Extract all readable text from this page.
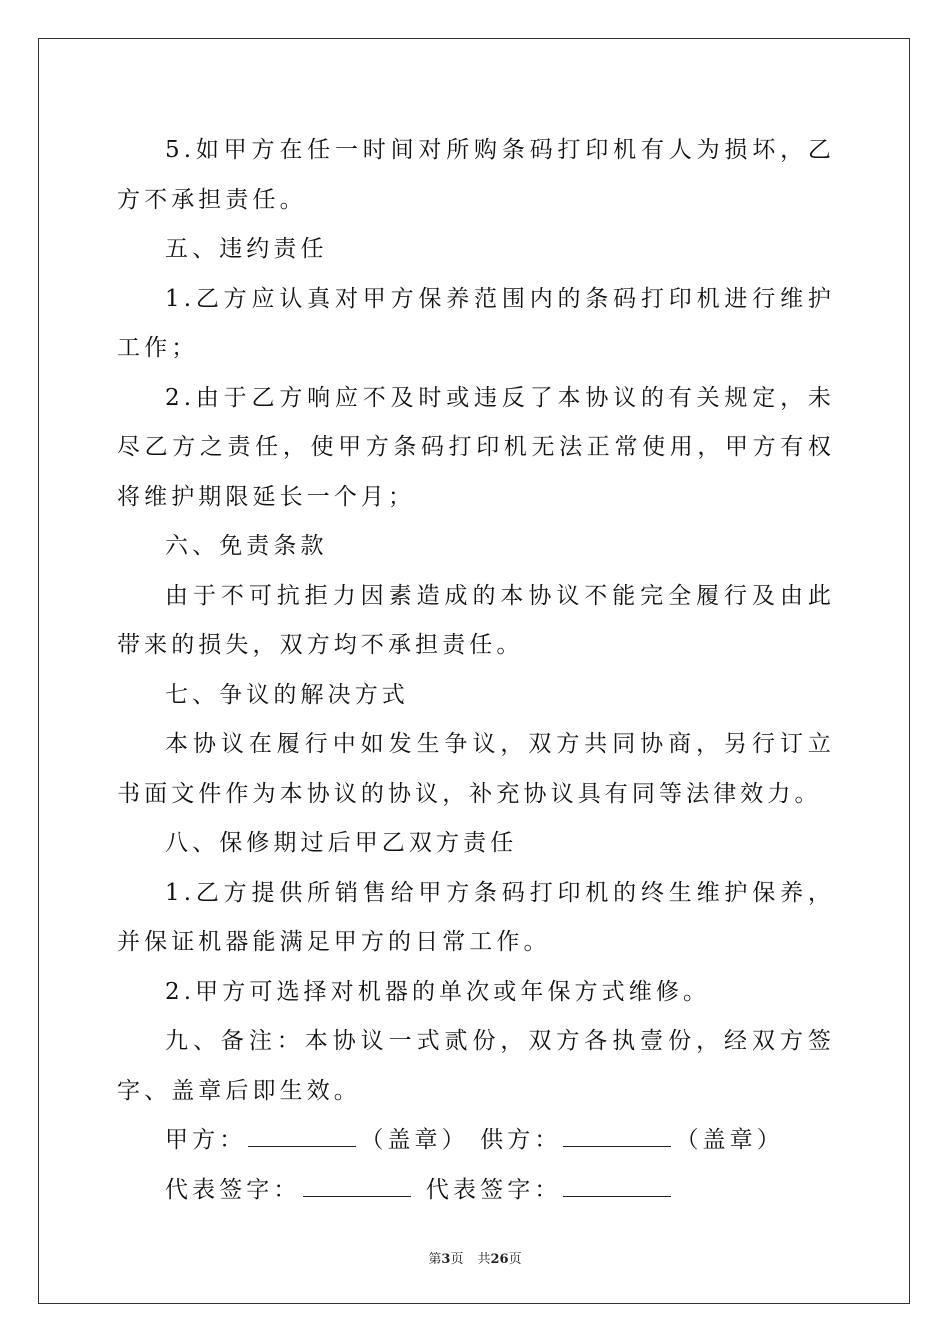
5.如甲方在任一时间对所购条码打印机有人为损坏，乙方不承担责任。

五、违约责任

1.乙方应认真对甲方保养范围内的条码打印机进行维护工作；

2.由于乙方响应不及时或违反了本协议的有关规定，未尽乙方之责任，使甲方条码打印机无法正常使用，甲方有权将维护期限延长一个月；

六、免责条款

由于不可抗拒力因素造成的本协议不能完全履行及由此带来的损失，双方均不承担责任。

七、争议的解决方式

本协议在履行中如发生争议，双方共同协商，另行订立书面文件作为本协议的协议，补充协议具有同等法律效力。

八、保修期过后甲乙双方责任

1.乙方提供所销售给甲方条码打印机的终生维护保养，并保证机器能满足甲方的日常工作。

2.甲方可选择对机器的单次或年保方式维修。

九、备注：本协议一式贰份，双方各执壹份，经双方签字、盖章后即生效。

甲方：	（盖章） 供方：	（盖章）

代表签字：	代表签字：

第3页 共26页
